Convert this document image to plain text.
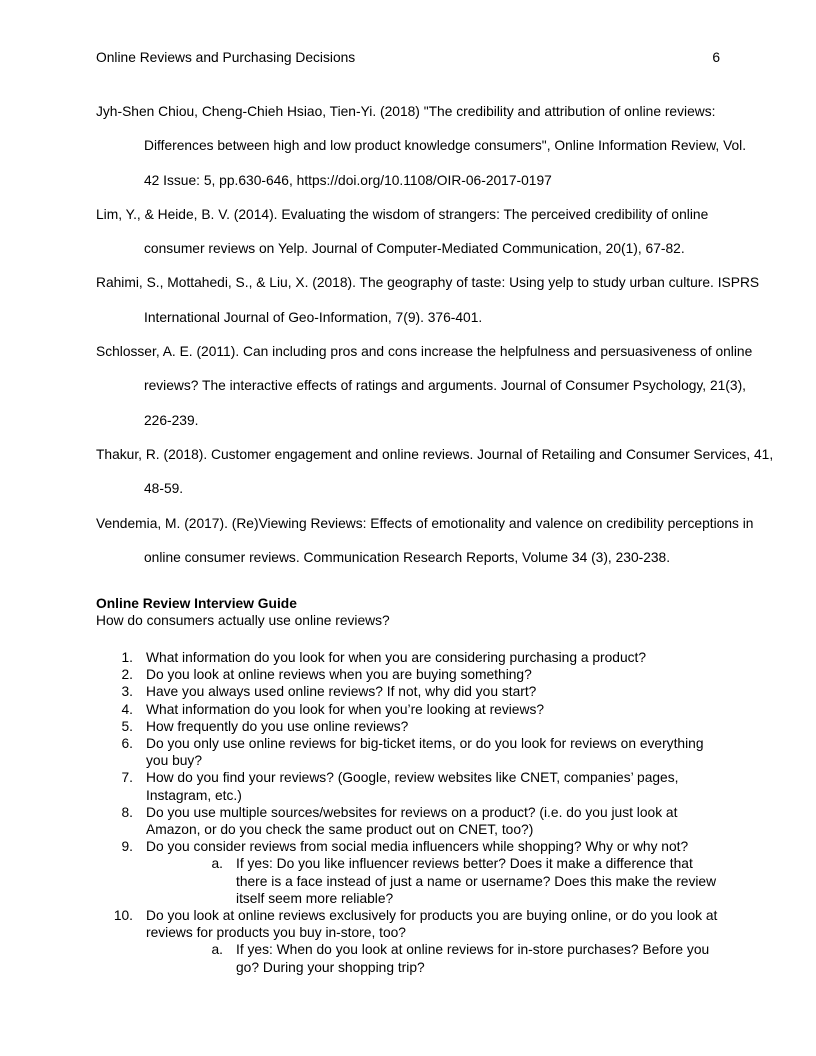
Online Reviews and Purchasing Decisions	6
Jyh-Shen Chiou, Cheng-Chieh Hsiao, Tien-Yi. (2018) "The credibility and attribution of online reviews:
Differences between high and low product knowledge consumers", Online Information Review, Vol.
42 Issue: 5, pp.630-646, https://doi.org/10.1108/OIR-06-2017-0197
Lim, Y., & Heide, B. V. (2014). Evaluating the wisdom of strangers: The perceived credibility of online
consumer reviews on Yelp. Journal of Computer-Mediated Communication, 20(1), 67-82.
Rahimi, S., Mottahedi, S., & Liu, X. (2018). The geography of taste: Using yelp to study urban culture. ISPRS
International Journal of Geo-Information, 7(9). 376-401.
Schlosser, A. E. (2011). Can including pros and cons increase the helpfulness and persuasiveness of online
reviews? The interactive effects of ratings and arguments. Journal of Consumer Psychology, 21(3),
226-239.
Thakur, R. (2018). Customer engagement and online reviews. Journal of Retailing and Consumer Services, 41,
48-59.
Vendemia, M. (2017). (Re)Viewing Reviews: Effects of emotionality and valence on credibility perceptions in
online consumer reviews. Communication Research Reports, Volume 34 (3), 230-238.
Online Review Interview Guide
How do consumers actually use online reviews?
1. What information do you look for when you are considering purchasing a product?
2. Do you look at online reviews when you are buying something?
3. Have you always used online reviews? If not, why did you start?
4. What information do you look for when you’re looking at reviews?
5. How frequently do you use online reviews?
6. Do you only use online reviews for big-ticket items, or do you look for reviews on everything you buy?
7. How do you find your reviews? (Google, review websites like CNET, companies’ pages, Instagram, etc.)
8. Do you use multiple sources/websites for reviews on a product? (i.e. do you just look at Amazon, or do you check the same product out on CNET, too?)
9. Do you consider reviews from social media influencers while shopping? Why or why not?
a. If yes: Do you like influencer reviews better? Does it make a difference that there is a face instead of just a name or username? Does this make the review itself seem more reliable?
10. Do you look at online reviews exclusively for products you are buying online, or do you look at reviews for products you buy in-store, too?
a. If yes: When do you look at online reviews for in-store purchases? Before you go? During your shopping trip?
